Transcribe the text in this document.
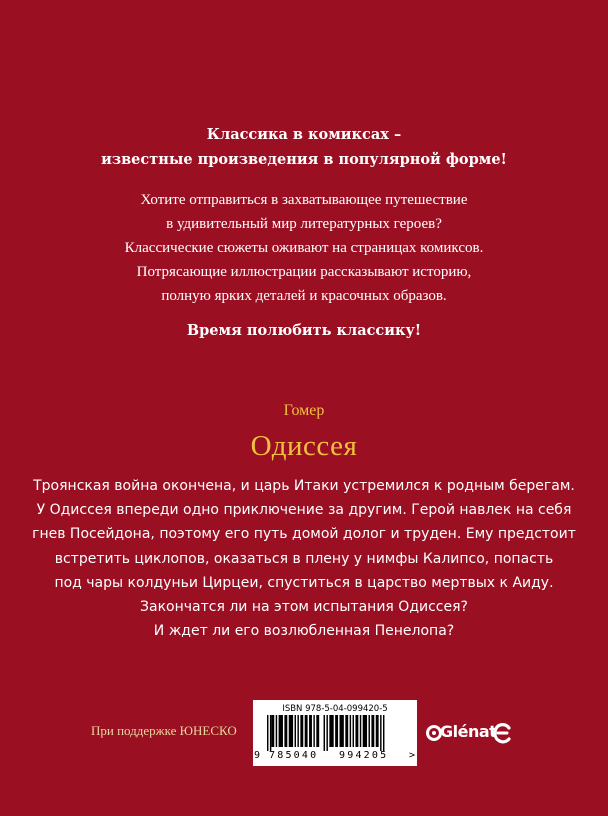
Классика в комиксах –
известные произведения в популярной форме!
Хотите отправиться в захватывающее путешествие
в удивительный мир литературных героев?
Классические сюжеты оживают на страницах комиксов.
Потрясающие иллюстрации рассказывают историю,
полную ярких деталей и красочных образов.
Время полюбить классику!
Гомер
Одиссея
Троянская война окончена, и царь Итаки устремился к родным берегам.
У Одиссея впереди одно приключение за другим. Герой навлек на себя
гнев Посейдона, поэтому его путь домой долог и труден. Ему предстоит
встретить циклопов, оказаться в плену у нимфы Калипсо, попасть
под чары колдуньи Цирцеи, спуститься в царство мертвых к Аиду.
Закончатся ли на этом испытания Одиссея?
И ждет ли его возлюбленная Пенелопа?
При поддержке ЮНЕСКО
ISBN 978-5-04-099420-5
9 785040 994205 >
Glénat
